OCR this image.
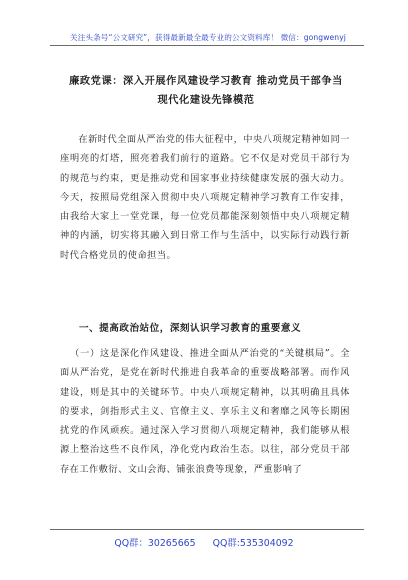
关注头条号“公文研究”，获得最新最全最专业的公文资料库！ 微信：gongwenyj
廉政党课：深入开展作风建设学习教育 推动党员干部争当
现代化建设先锋模范
在新时代全面从严治党的伟大征程中，中央八项规定精神如同一座明亮的灯塔，照亮着我们前行的道路。它不仅是对党员干部行为的规范与约束，更是推动党和国家事业持续健康发展的强大动力。今天，按照局党组深入贯彻中央八项规定精神学习教育工作安排，由我给大家上一堂党课，每一位党员都能深刻领悟中央八项规定精神的内涵，切实将其融入到日常工作与生活中，以实际行动践行新时代合格党员的使命担当。
一、提高政治站位，深刻认识学习教育的重要意义
（一）这是深化作风建设、推进全面从严治党的“关键棋局”。全面从严治党，是党在新时代推进自我革命的重要战略部署。而作风建设，则是其中的关键环节。中央八项规定精神，以其明确且具体的要求，剑指形式主义、官僚主义、享乐主义和奢靡之风等长期困扰党的作风顽疾。通过深入学习贯彻八项规定精神，我们能够从根源上整治这些不良作风，净化党内政治生态。以往，部分党员干部存在工作敷衍、文山会海、铺张浪费等现象，严重影响了
QQ群：30265665 QQ群:535304092
